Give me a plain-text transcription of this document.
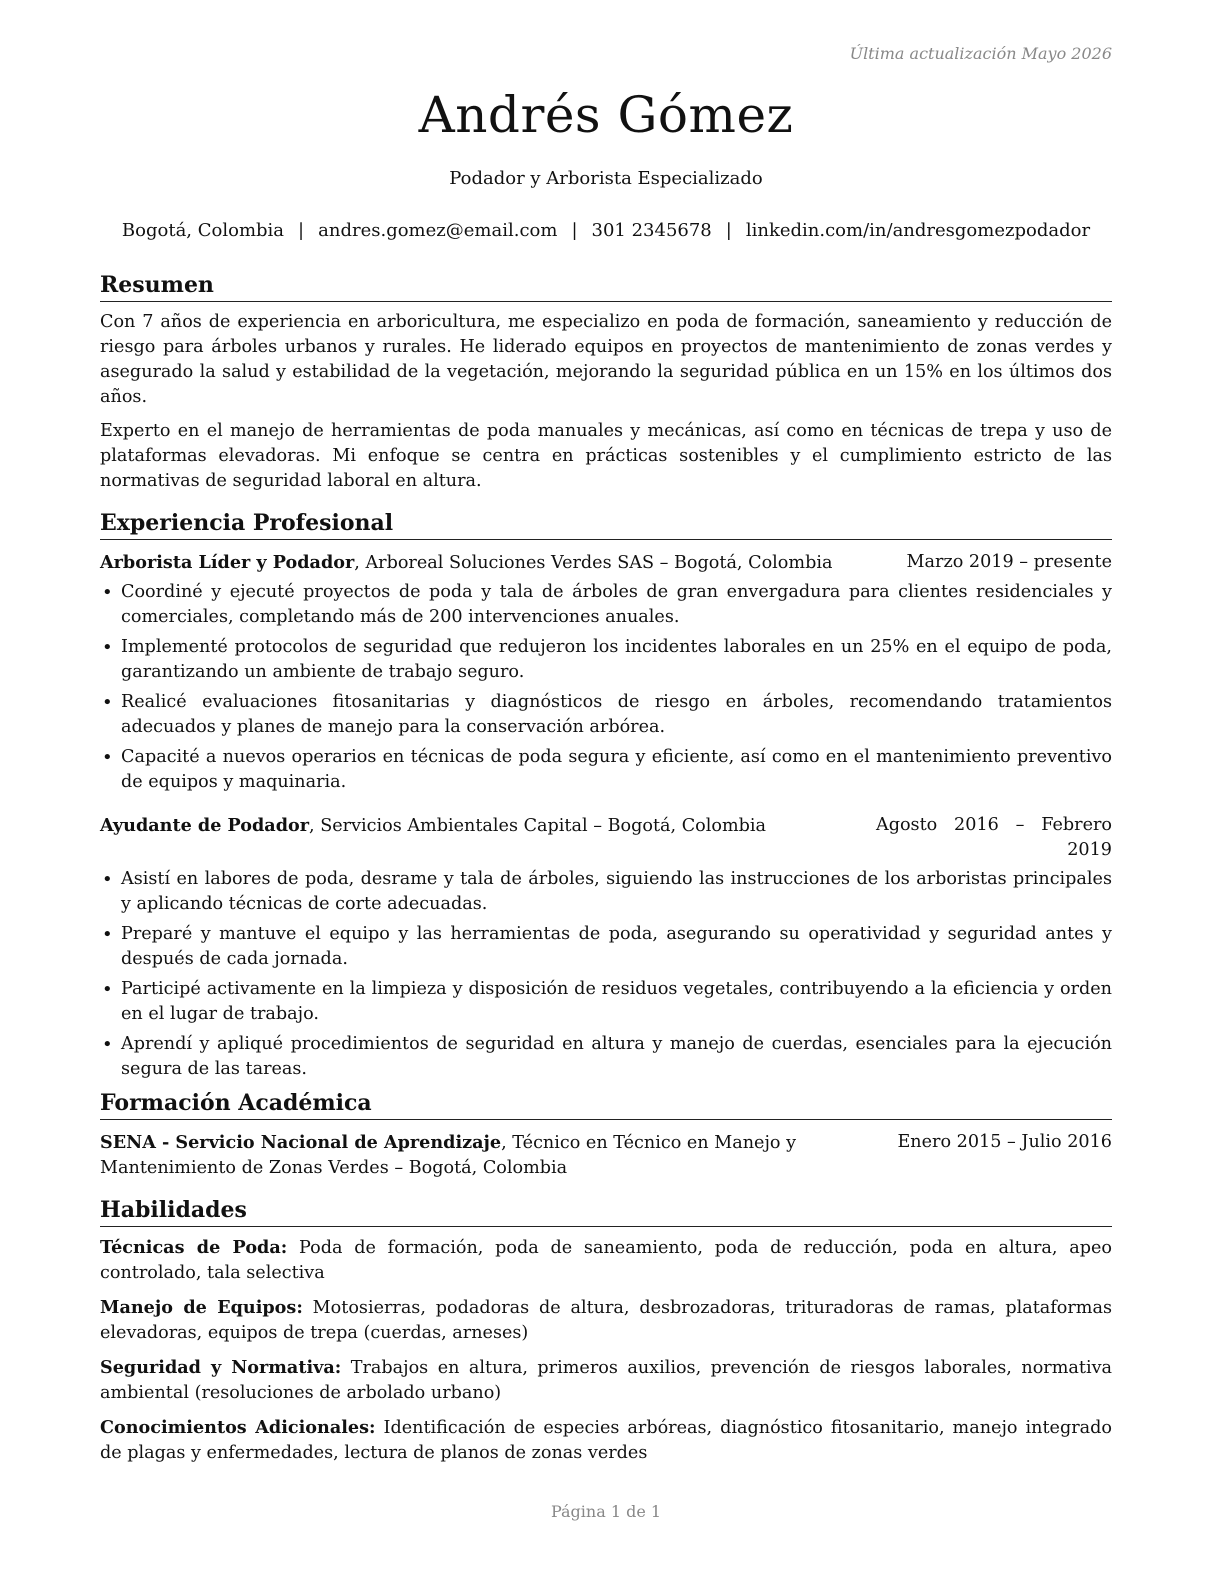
Última actualización Mayo 2026
Andrés Gómez
Podador y Arborista Especializado
Bogotá, Colombia | andres.gomez@email.com | 301 2345678 | linkedin.com/in/andresgomezpodador
Resumen

Con 7 años de experiencia en arboricultura, me especializo en poda de formación, saneamiento y reducción de riesgo para árboles urbanos y rurales. He liderado equipos en proyectos de mantenimiento de zonas verdes y asegurado la salud y estabilidad de la vegetación, mejorando la seguridad pública en un 15% en los últimos dos años.

Experto en el manejo de herramientas de poda manuales y mecánicas, así como en técnicas de trepa y uso de plataformas elevadoras. Mi enfoque se centra en prácticas sostenibles y el cumplimiento estricto de las normativas de seguridad laboral en altura.

Experiencia Profesional
Arborista Líder y Podador, Arboreal Soluciones Verdes SAS – Bogotá, Colombia	Marzo 2019 – presente
• Coordiné y ejecuté proyectos de poda y tala de árboles de gran envergadura para clientes residenciales y comerciales, completando más de 200 intervenciones anuales.
• Implementé protocolos de seguridad que redujeron los incidentes laborales en un 25% en el equipo de poda, garantizando un ambiente de trabajo seguro.
• Realicé evaluaciones fitosanitarias y diagnósticos de riesgo en árboles, recomendando tratamientos adecuados y planes de manejo para la conservación arbórea.
• Capacité a nuevos operarios en técnicas de poda segura y eficiente, así como en el mantenimiento preventivo de equipos y maquinaria.
Ayudante de Podador, Servicios Ambientales Capital – Bogotá, Colombia	Agosto 2016 – Febrero 2019
• Asistí en labores de poda, desrame y tala de árboles, siguiendo las instrucciones de los arboristas principales y aplicando técnicas de corte adecuadas.
• Preparé y mantuve el equipo y las herramientas de poda, asegurando su operatividad y seguridad antes y después de cada jornada.
• Participé activamente en la limpieza y disposición de residuos vegetales, contribuyendo a la eficiencia y orden en el lugar de trabajo.
• Aprendí y apliqué procedimientos de seguridad en altura y manejo de cuerdas, esenciales para la ejecución segura de las tareas.
Formación Académica
Enero 2015 – Julio 2016
SENA - Servicio Nacional de Aprendizaje, Técnico en Técnico en Manejo y Mantenimiento de Zonas Verdes – Bogotá, Colombia
Habilidades
Técnicas de Poda: Poda de formación, poda de saneamiento, poda de reducción, poda en altura, apeo controlado, tala selectiva
Manejo de Equipos: Motosierras, podadoras de altura, desbrozadoras, trituradoras de ramas, plataformas elevadoras, equipos de trepa (cuerdas, arneses)
Seguridad y Normativa: Trabajos en altura, primeros auxilios, prevención de riesgos laborales, normativa ambiental (resoluciones de arbolado urbano)
Conocimientos Adicionales: Identificación de especies arbóreas, diagnóstico fitosanitario, manejo integrado de plagas y enfermedades, lectura de planos de zonas verdes
Página 1 de 1
